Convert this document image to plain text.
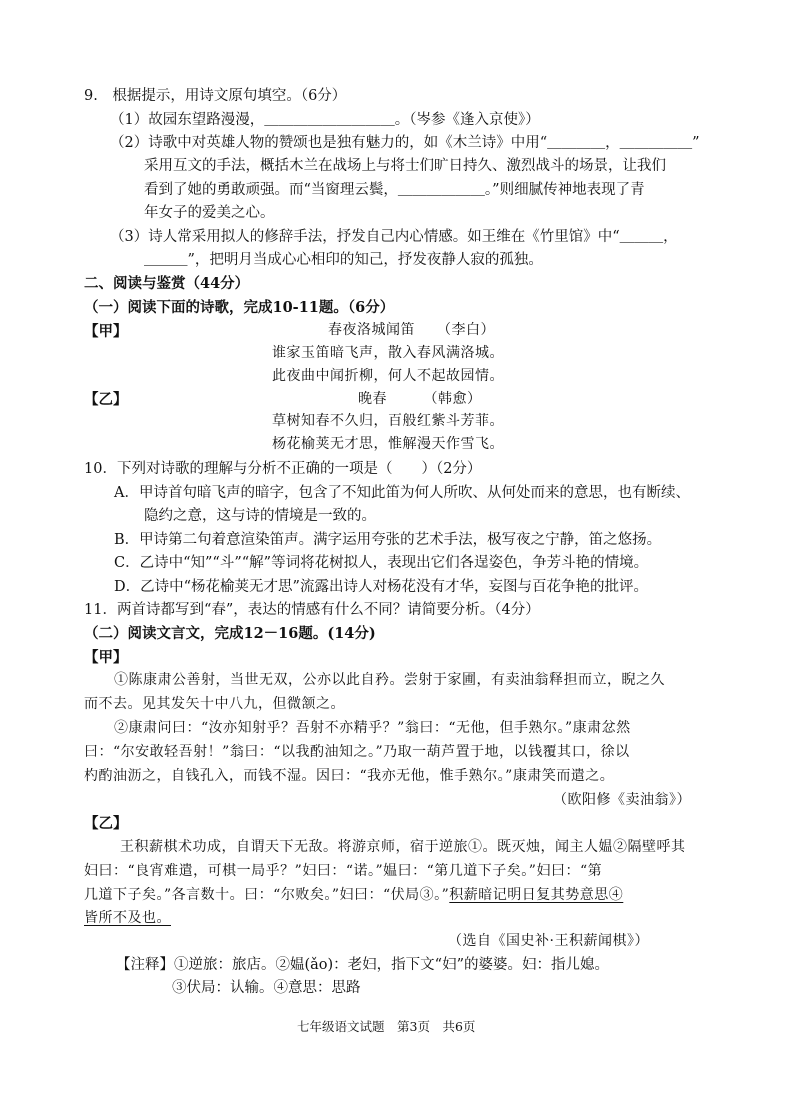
9.　根据提示，用诗文原句填空。（6分）
（1）故园东望路漫漫，＿＿＿＿＿＿＿＿＿。（岑参《逢入京使》）
（2）诗歌中对英雄人物的赞颂也是独有魅力的，如《木兰诗》中用“＿＿＿＿，＿＿＿＿＿”
采用互文的手法，概括木兰在战场上与将士们旷日持久、激烈战斗的场景，让我们
看到了她的勇敢顽强。而“当窗理云鬓，＿＿＿＿＿＿。”则细腻传神地表现了青
年女子的爱美之心。
（3）诗人常采用拟人的修辞手法，抒发自己内心情感。如王维在《竹里馆》中“＿＿＿，
＿＿＿”，把明月当成心心相印的知己，抒发夜静人寂的孤独。
二、阅读与鉴赏（44分）
（一）阅读下面的诗歌，完成10-11题。（6分）
【甲】	春夜洛城闻笛　　（李白）
谁家玉笛暗飞声，散入春风满洛城。
此夜曲中闻折柳，何人不起故园情。
【乙】	晚春　　　（韩愈）
草树知春不久归，百般红紫斗芳菲。
杨花榆荚无才思，惟解漫天作雪飞。
10．下列对诗歌的理解与分析不正确的一项是（　　）（2分）
A．甲诗首句暗飞声的暗字，包含了不知此笛为何人所吹、从何处而来的意思，也有断续、
隐约之意，这与诗的情境是一致的。
B．甲诗第二句着意渲染笛声。满字运用夸张的艺术手法，极写夜之宁静，笛之悠扬。
C．乙诗中“知”“斗”“解”等词将花树拟人，表现出它们各逞姿色，争芳斗艳的情境。
D．乙诗中“杨花榆荚无才思”流露出诗人对杨花没有才华，妄图与百花争艳的批评。
11．两首诗都写到“春”，表达的情感有什么不同？请简要分析。（4分）
（二）阅读文言文，完成12－16题。(14分)
【甲】
①陈康肃公善射，当世无双，公亦以此自矜。尝射于家圃，有卖油翁释担而立，睨之久
而不去。见其发矢十中八九，但微颔之。
②康肃问曰：“汝亦知射乎？吾射不亦精乎？”翁曰：“无他，但手熟尔。”康肃忿然
曰：“尔安敢轻吾射！”翁曰：“以我酌油知之。”乃取一葫芦置于地，以钱覆其口，徐以
杓酌油沥之，自钱孔入，而钱不湿。因曰：“我亦无他，惟手熟尔。”康肃笑而遣之。
（欧阳修《卖油翁》）
【乙】
王积薪棋术功成，自谓天下无敌。将游京师，宿于逆旅①。既灭烛，闻主人媪②隔壁呼其
妇曰：“良宵难遣，可棋一局乎？”妇曰：“诺。”媪曰：“第几道下子矣。”妇曰：“第
几道下子矣。”各言数十。曰：“尔败矣。”妇曰：“伏局③。”积薪暗记明日复其势意思④
皆所不及也。
（选自《国史补·王积薪闻棋》）
【注释】①逆旅：旅店。②媪(ǎo)：老妇，指下文“妇”的婆婆。妇：指儿媳。
③伏局：认输。④意思：思路
七年级语文试题　第3页　共6页
